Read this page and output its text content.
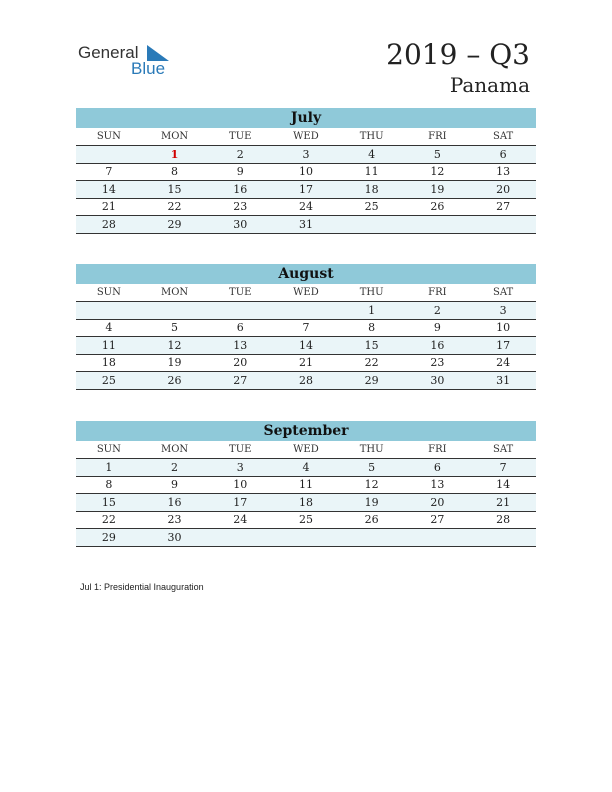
General
Blue	2019 – Q3
Panama
July
SUN	MON	TUE	WED	THU	FRI	SAT
	1	2	3	4	5	6
7	8	9	10	11	12	13
14	15	16	17	18	19	20
21	22	23	24	25	26	27
28	29	30	31			
August
SUN	MON	TUE	WED	THU	FRI	SAT
				1	2	3
4	5	6	7	8	9	10
11	12	13	14	15	16	17
18	19	20	21	22	23	24
25	26	27	28	29	30	31
September
SUN	MON	TUE	WED	THU	FRI	SAT
1	2	3	4	5	6	7
8	9	10	11	12	13	14
15	16	17	18	19	20	21
22	23	24	25	26	27	28
29	30					
Jul 1: Presidential Inauguration
